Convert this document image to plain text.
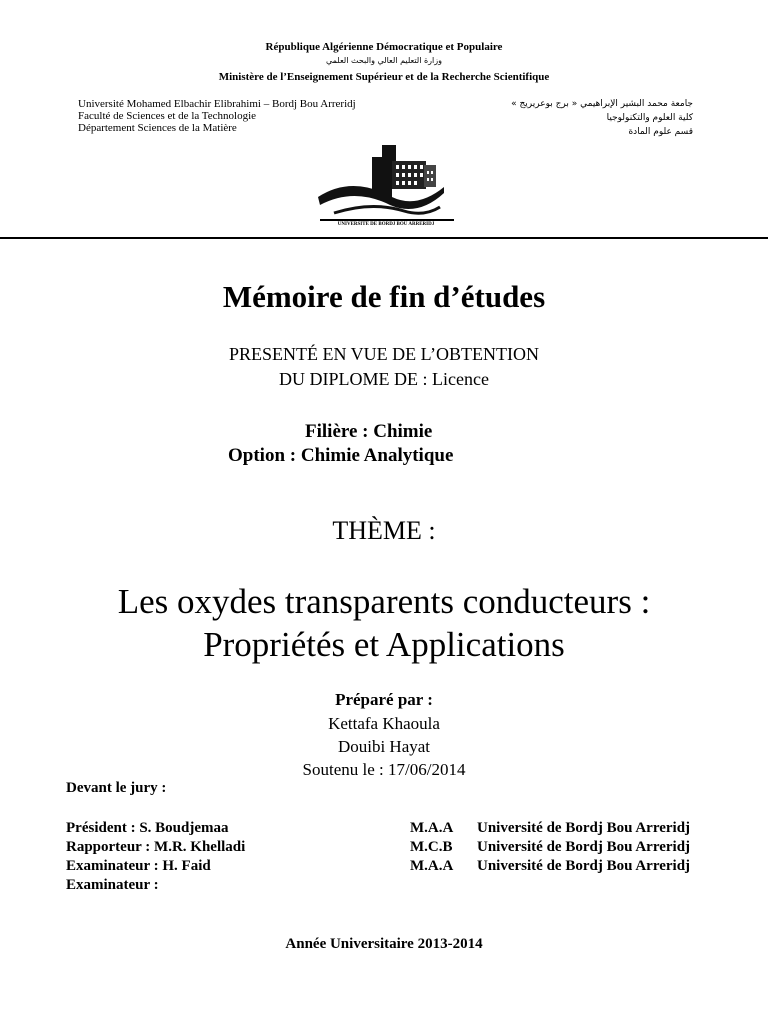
République Algérienne Démocratique et Populaire
وزارة التعليم العالي والبحث العلمي
Ministère de l’Enseignement Supérieur et de la Recherche Scientifique
Université Mohamed Elbachir Elibrahimi – Bordj Bou Arreridj
Faculté de Sciences et de la Technologie
Département Sciences de la Matière
جامعة محمد البشير الإبراهيمي « برج بوعريريج »
كلية العلوم والتكنولوجيا
قسم علوم المادة
UNIVERSITE DE BORDJ BOU ARRERIDJ
Mémoire de fin d’études
PRESENTÉ EN VUE DE L’OBTENTION
DU DIPLOME DE : Licence
Filière : Chimie
Option : Chimie Analytique
THÈME :
Les oxydes transparents conducteurs :
Propriétés et Applications
Préparé par :
Kettafa Khaoula
Douibi Hayat
Soutenu le : 17/06/2014
Devant le jury :
Président : S. Boudjemaa	M.A.A Université de Bordj Bou Arreridj
Rapporteur : M.R. Khelladi	M.C.B Université de Bordj Bou Arreridj
Examinateur : H. Faid	M.A.A Université de Bordj Bou Arreridj
Examinateur :
Année Universitaire 2013-2014
